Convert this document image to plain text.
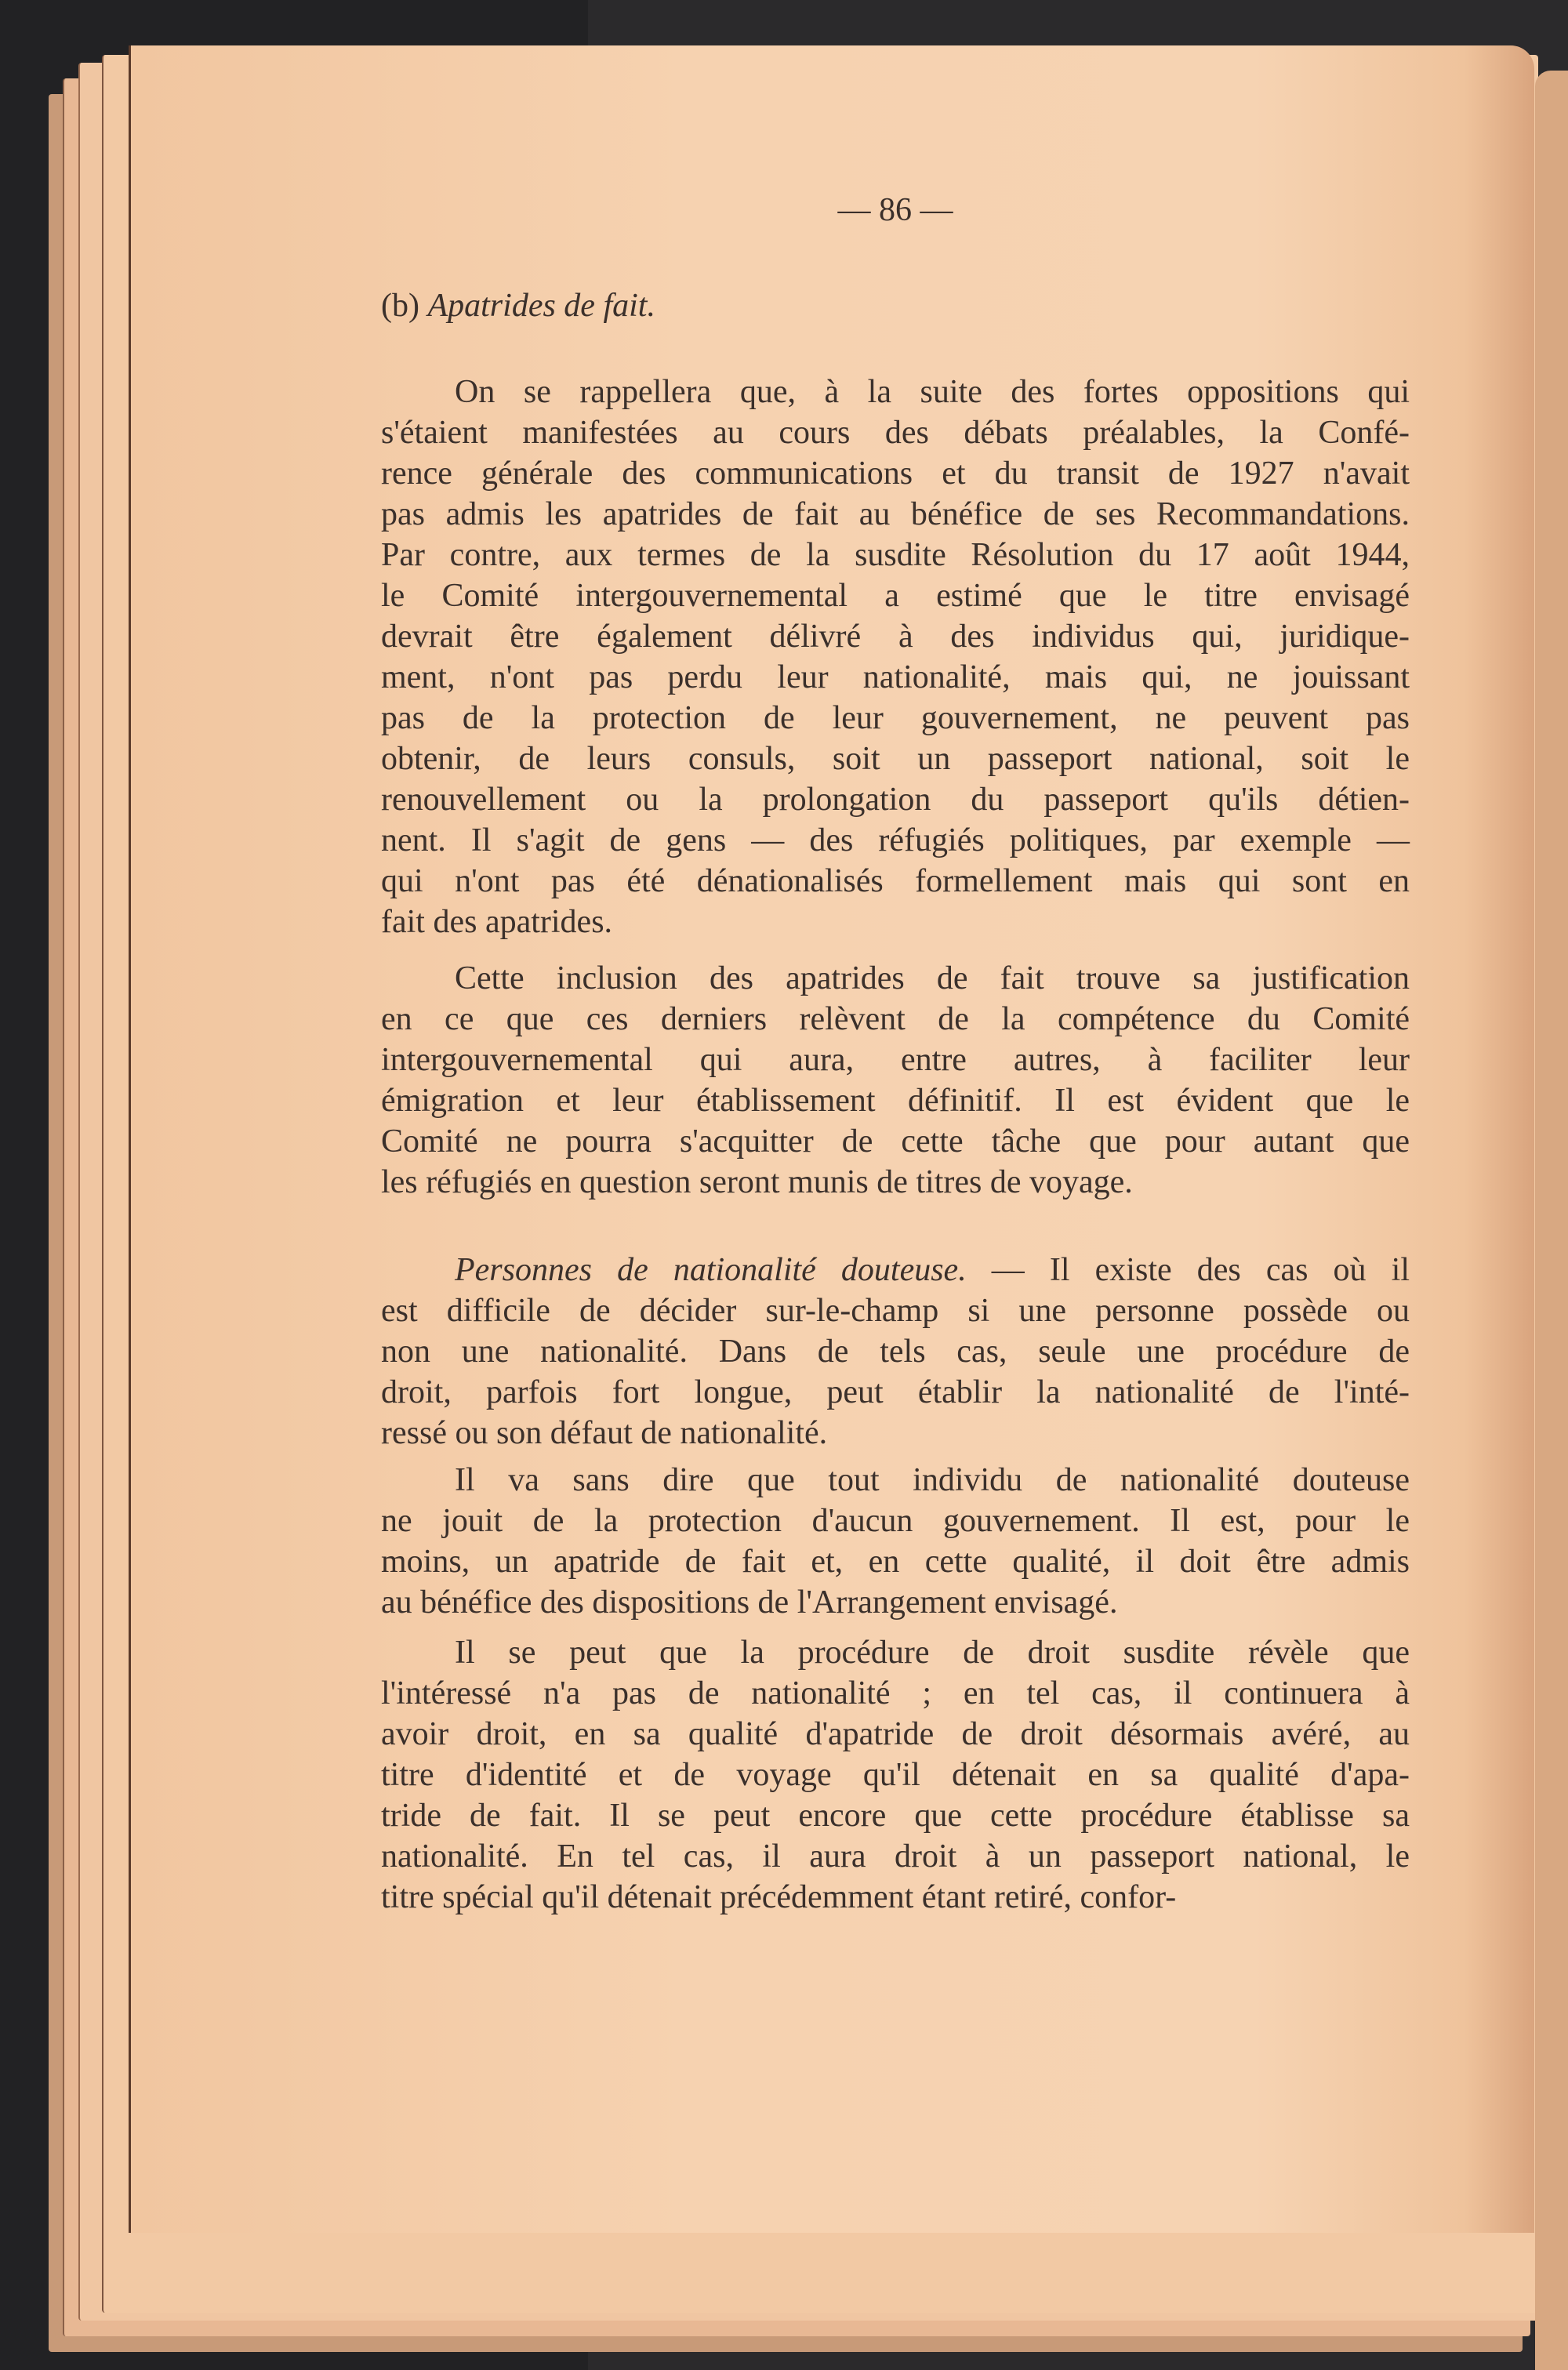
— 86 —
(b) Apatrides de fait.
On se rappellera que, à la suite des fortes oppositions qui
s'étaient manifestées au cours des débats préalables, la Confé-
rence générale des communications et du transit de 1927 n'avait
pas admis les apatrides de fait au bénéfice de ses Recommandations.
Par contre, aux termes de la susdite Résolution du 17 août 1944,
le Comité intergouvernemental a estimé que le titre envisagé
devrait être également délivré à des individus qui, juridique-
ment, n'ont pas perdu leur nationalité, mais qui, ne jouissant
pas de la protection de leur gouvernement, ne peuvent pas
obtenir, de leurs consuls, soit un passeport national, soit le
renouvellement ou la prolongation du passeport qu'ils détien-
nent. Il s'agit de gens — des réfugiés politiques, par exemple —
qui n'ont pas été dénationalisés formellement mais qui sont en
fait des apatrides.
Cette inclusion des apatrides de fait trouve sa justification
en ce que ces derniers relèvent de la compétence du Comité
intergouvernemental qui aura, entre autres, à faciliter leur
émigration et leur établissement définitif. Il est évident que le
Comité ne pourra s'acquitter de cette tâche que pour autant que
les réfugiés en question seront munis de titres de voyage.
Personnes de nationalité douteuse. — Il existe des cas où il
est difficile de décider sur-le-champ si une personne possède ou
non une nationalité. Dans de tels cas, seule une procédure de
droit, parfois fort longue, peut établir la nationalité de l'inté-
ressé ou son défaut de nationalité.
Il va sans dire que tout individu de nationalité douteuse
ne jouit de la protection d'aucun gouvernement. Il est, pour le
moins, un apatride de fait et, en cette qualité, il doit être admis
au bénéfice des dispositions de l'Arrangement envisagé.
Il se peut que la procédure de droit susdite révèle que
l'intéressé n'a pas de nationalité ; en tel cas, il continuera à
avoir droit, en sa qualité d'apatride de droit désormais avéré, au
titre d'identité et de voyage qu'il détenait en sa qualité d'apa-
tride de fait. Il se peut encore que cette procédure établisse sa
nationalité. En tel cas, il aura droit à un passeport national, le
titre spécial qu'il détenait précédemment étant retiré, confor-
